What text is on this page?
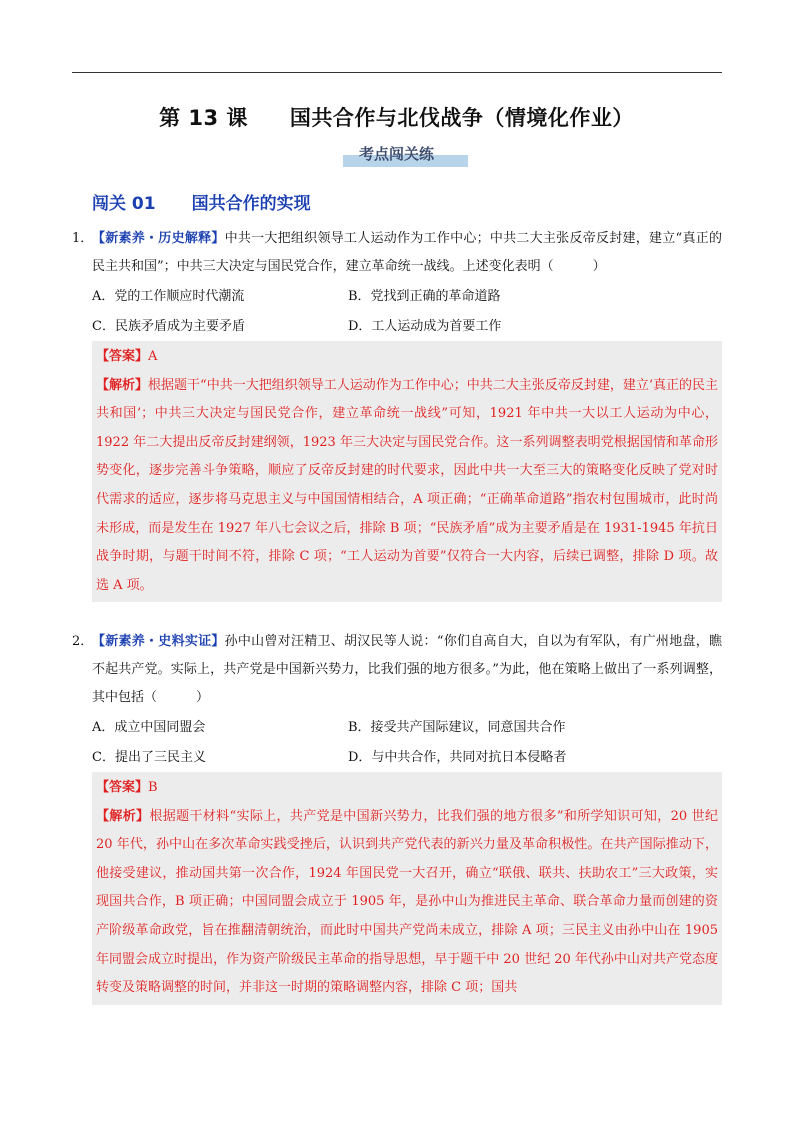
第 13 课 国共合作与北伐战争（情境化作业）
考点闯关练
闯关 01 国共合作的实现
1．
【新素养・历史解释】中共一大把组织领导工人运动作为工作中心；中共二大主张反帝反封建，建立“真正的民主共和国”；中共三大决定与国民党合作，建立革命统一战线。上述变化表明（　　　）
A．党的工作顺应时代潮流	B．党找到正确的革命道路
C．民族矛盾成为主要矛盾	D．工人运动成为首要工作
【答案】A
【解析】根据题干“中共一大把组织领导工人运动作为工作中心；中共二大主张反帝反封建，建立‘真正的民主共和国’；中共三大决定与国民党合作，建立革命统一战线”可知，1921 年中共一大以工人运动为中心，1922 年二大提出反帝反封建纲领，1923 年三大决定与国民党合作。这一系列调整表明党根据国情和革命形势变化，逐步完善斗争策略，顺应了反帝反封建的时代要求，因此中共一大至三大的策略变化反映了党对时代需求的适应，逐步将马克思主义与中国国情相结合，A 项正确；“正确革命道路”指农村包围城市，此时尚未形成，而是发生在 1927 年八七会议之后，排除 B 项；“民族矛盾”成为主要矛盾是在 1931-1945 年抗日战争时期，与题干时间不符，排除 C 项；“工人运动为首要”仅符合一大内容，后续已调整，排除 D 项。故选 A 项。
2．
【新素养・史料实证】孙中山曾对汪精卫、胡汉民等人说：“你们自高自大，自以为有军队，有广州地盘，瞧不起共产党。实际上，共产党是中国新兴势力，比我们强的地方很多。”为此，他在策略上做出了一系列调整，其中包括（　　　）
A．成立中国同盟会	B．接受共产国际建议，同意国共合作
C．提出了三民主义	D．与中共合作，共同对抗日本侵略者
【答案】B
【解析】根据题干材料“实际上，共产党是中国新兴势力，比我们强的地方很多”和所学知识可知，20 世纪 20 年代，孙中山在多次革命实践受挫后，认识到共产党代表的新兴力量及革命积极性。在共产国际推动下，他接受建议，推动国共第一次合作，1924 年国民党一大召开，确立“联俄、联共、扶助农工”三大政策，实现国共合作，B 项正确；中国同盟会成立于 1905 年，是孙中山为推进民主革命、联合革命力量而创建的资产阶级革命政党，旨在推翻清朝统治，而此时中国共产党尚未成立，排除 A 项；三民主义由孙中山在 1905 年同盟会成立时提出，作为资产阶级民主革命的指导思想，早于题干中 20 世纪 20 年代孙中山对共产党态度转变及策略调整的时间，并非这一时期的策略调整内容，排除 C 项；国共
